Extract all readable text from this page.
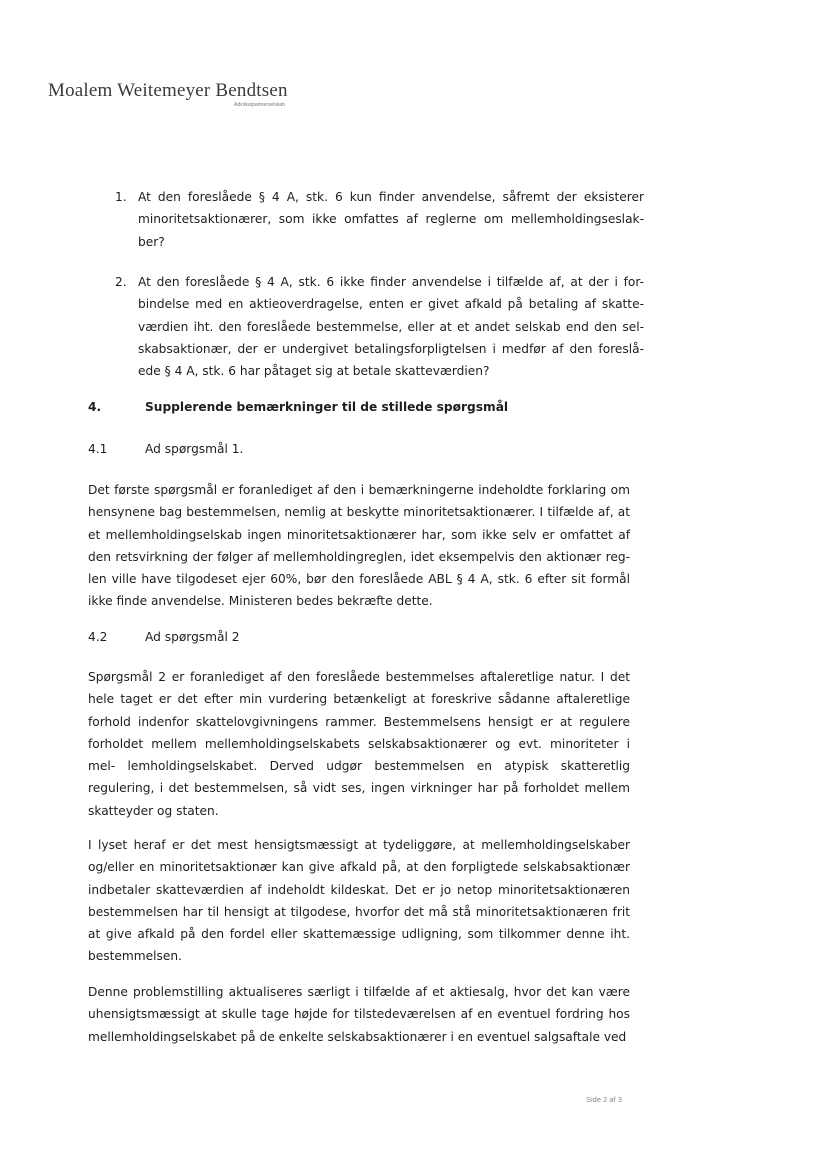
Moalem Weitemeyer Bendtsen
Advokatpartnerselskab
1. At den foreslåede § 4 A, stk. 6 kun finder anvendelse, såfremt der eksisterer minoritetsaktionærer, som ikke omfattes af reglerne om mellemholdingseslak- ber?
2. At den foreslåede § 4 A, stk. 6 ikke finder anvendelse i tilfælde af, at der i for- bindelse med en aktieoverdragelse, enten er givet afkald på betaling af skatte- værdien iht. den foreslåede bestemmelse, eller at et andet selskab end den sel- skabsaktionær, der er undergivet betalingsforpligtelsen i medfør af den foreslå- ede § 4 A, stk. 6 har påtaget sig at betale skatteværdien?
4.	Supplerende bemærkninger til de stillede spørgsmål
4.1	Ad spørgsmål 1.
Det første spørgsmål er foranlediget af den i bemærkningerne indeholdte forklaring om hensynene bag bestemmelsen, nemlig at beskytte minoritetsaktionærer. I tilfælde af, at et mellemholdingselskab ingen minoritetsaktionærer har, som ikke selv er omfattet af den retsvirkning der følger af mellemholdingreglen, idet eksempelvis den aktionær reg- len ville have tilgodeset ejer 60%, bør den foreslåede ABL § 4 A, stk. 6 efter sit formål ikke finde anvendelse. Ministeren bedes bekræfte dette.
4.2	Ad spørgsmål 2
Spørgsmål 2 er foranlediget af den foreslåede bestemmelses aftaleretlige natur. I det hele taget er det efter min vurdering betænkeligt at foreskrive sådanne aftaleretlige forhold indenfor skattelovgivningens rammer. Bestemmelsens hensigt er at regulere forholdet mellem mellemholdingselskabets selskabsaktionærer og evt. minoriteter i mel- lemholdingselskabet. Derved udgør bestemmelsen en atypisk skatteretlig regulering, i det bestemmelsen, så vidt ses, ingen virkninger har på forholdet mellem skatteyder og staten.
I lyset heraf er det mest hensigtsmæssigt at tydeliggøre, at mellemholdingselskaber og/eller en minoritetsaktionær kan give afkald på, at den forpligtede selskabsaktionær indbetaler skatteværdien af indeholdt kildeskat. Det er jo netop minoritetsaktionæren bestemmelsen har til hensigt at tilgodese, hvorfor det må stå minoritetsaktionæren frit at give afkald på den fordel eller skattemæssige udligning, som tilkommer denne iht. bestemmelsen.
Denne problemstilling aktualiseres særligt i tilfælde af et aktiesalg, hvor det kan være uhensigtsmæssigt at skulle tage højde for tilstedeværelsen af en eventuel fordring hos mellemholdingselskabet på de enkelte selskabsaktionærer i en eventuel salgsaftale ved
Side 2 af 3
